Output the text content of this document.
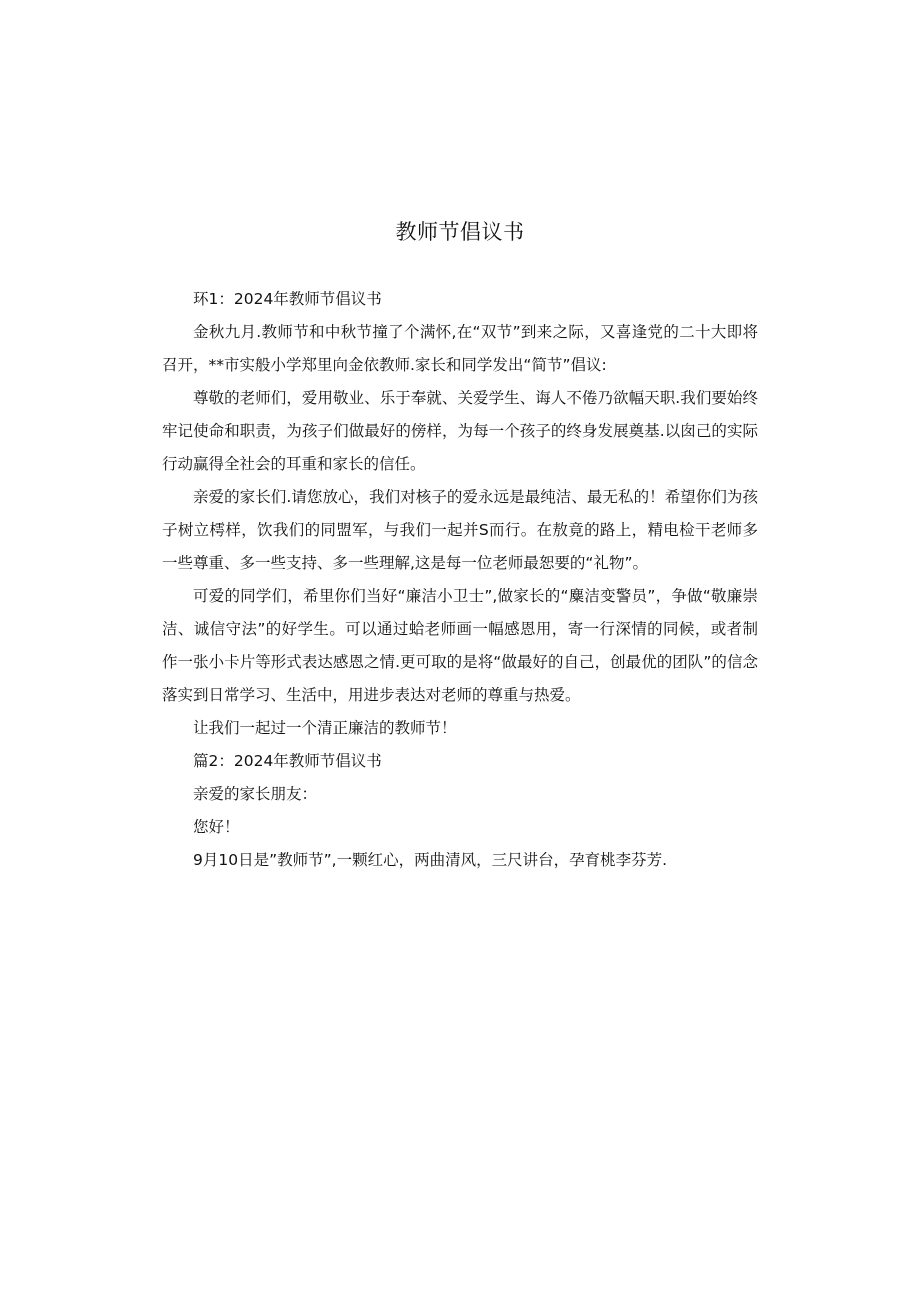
教师节倡议书

环1：2024年教师节倡议书

金秋九月.教师节和中秋节撞了个满怀,在“双节”到来之际，又喜逢党的二十大即将召开，**市实般小学郑里向金依教师.家长和同学发出“简节”倡议:

尊敬的老师们，爱用敬业、乐于奉就、关爱学生、诲人不倦乃欲幅天职.我们要始终牢记使命和职责，为孩子们做最好的傍样，为每一个孩子的终身发展奠基.以囱己的实际行动赢得全社会的耳重和家长的信任。

亲爱的家长们.请您放心，我们对核子的爱永远是最纯洁、最无私的！希望你们为孩子树立樗样，饮我们的同盟军，与我们一起并S而行。在敖竟的路上，精电检干老师多一些尊重、多一些支持、多一些理解,这是每一位老师最恕要的“礼物”。

可爱的同学们，希里你们当好“廉洁小卫士”,做家长的“麋洁变警员”，争做“敬廉崇洁、诚信守法”的好学生。可以通过蛤老师画一幅感恩用，寄一行深情的同候，或者制作一张小卡片等形式表达感恩之情.更可取的是将“做最好的自己，创最优的团队”的信念落实到日常学习、生活中，用进步表达对老师的尊重与热爱。

让我们一起过一个清正廉洁的教师节！

篇2：2024年教师节倡议书

亲爱的家长朋友：

您好！

9月10日是”教师节”,一颗红心，两曲清风，三尺讲台，孕育桃李芬芳.
